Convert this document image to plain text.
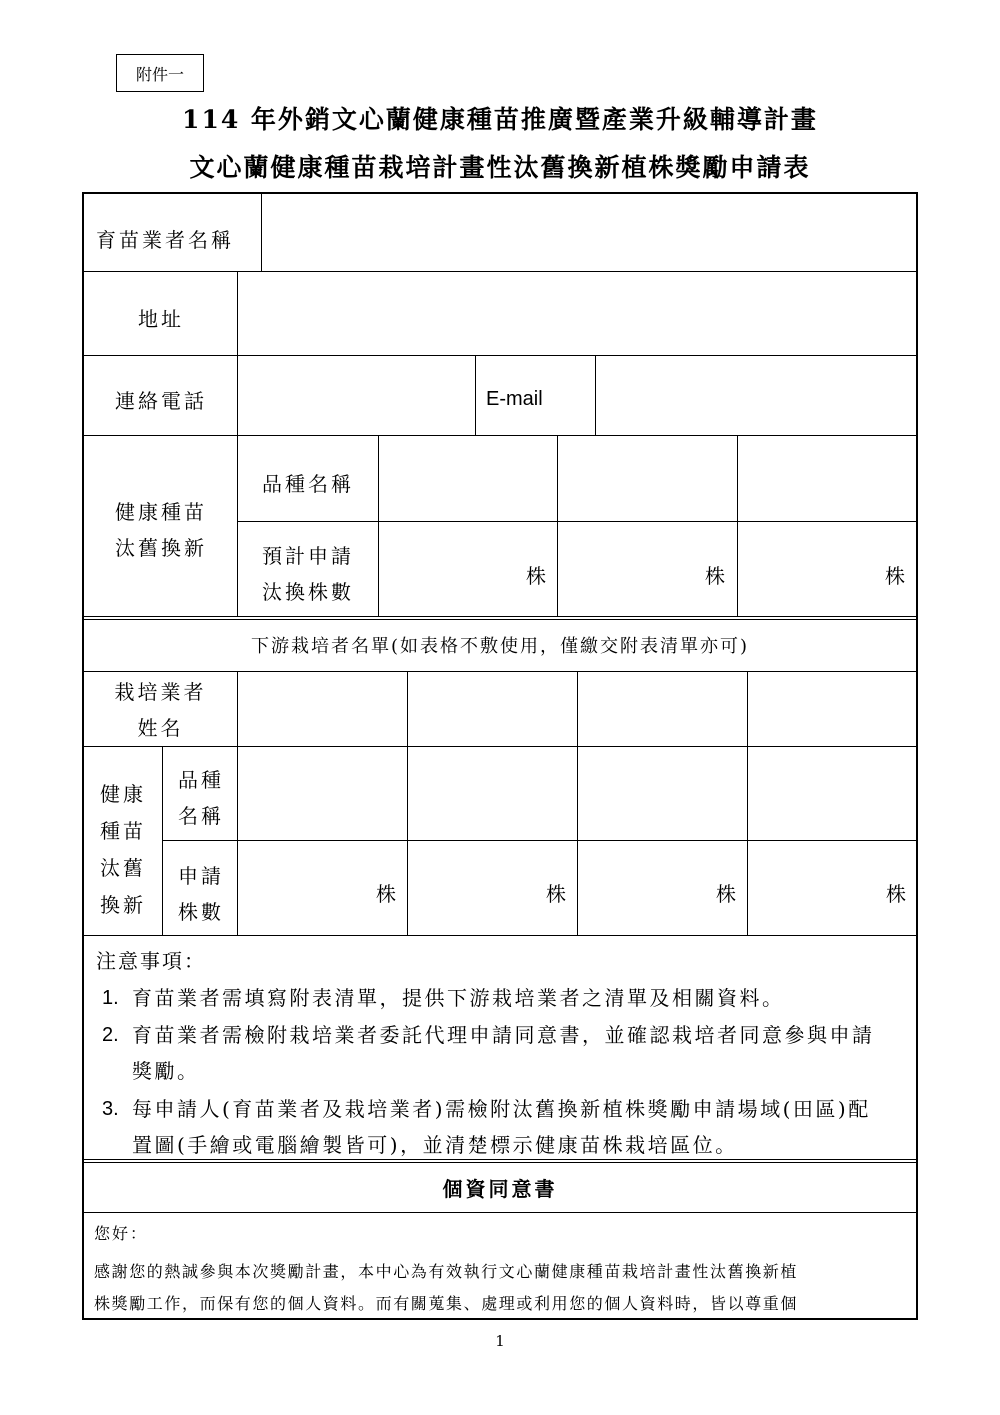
附件一
114 年外銷文心蘭健康種苗推廣暨產業升級輔導計畫
文心蘭健康種苗栽培計畫性汰舊換新植株獎勵申請表
育苗業者名稱
地址
連絡電話	E-mail
健康種苗
汰舊換新
品種名稱
預計申請
汰換株數
株	株	株
下游栽培者名單(如表格不敷使用，僅繳交附表清單亦可)
栽培業者
姓名
健康
種苗
汰舊
換新
品種
名稱
申請
株數
株	株	株	株
注意事項：
1. 育苗業者需填寫附表清單，提供下游栽培業者之清單及相關資料。
2. 育苗業者需檢附栽培業者委託代理申請同意書，並確認栽培者同意參與申請
獎勵。
3. 每申請人(育苗業者及栽培業者)需檢附汰舊換新植株獎勵申請場域(田區)配
置圖(手繪或電腦繪製皆可)，並清楚標示健康苗株栽培區位。
個資同意書
您好：
感謝您的熱誠參與本次獎勵計畫，本中心為有效執行文心蘭健康種苗栽培計畫性汰舊換新植
株獎勵工作，而保有您的個人資料。而有關蒐集、處理或利用您的個人資料時，皆以尊重個
1
